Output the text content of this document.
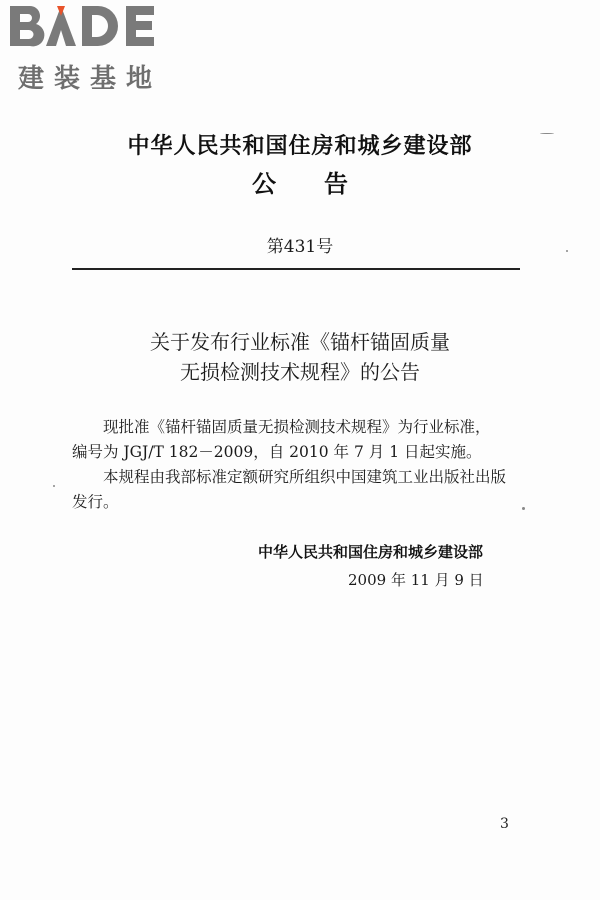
建装基地
中华人民共和国住房和城乡建设部
公告
第431号
关于发布行业标准《锚杆锚固质量
无损检测技术规程》的公告
现批准《锚杆锚固质量无损检测技术规程》为行业标准，
编号为 JGJ/T 182－2009，自 2010 年 7 月 1 日起实施。
本规程由我部标准定额研究所组织中国建筑工业出版社出版
发行。
中华人民共和国住房和城乡建设部
2009 年 11 月 9 日
3
